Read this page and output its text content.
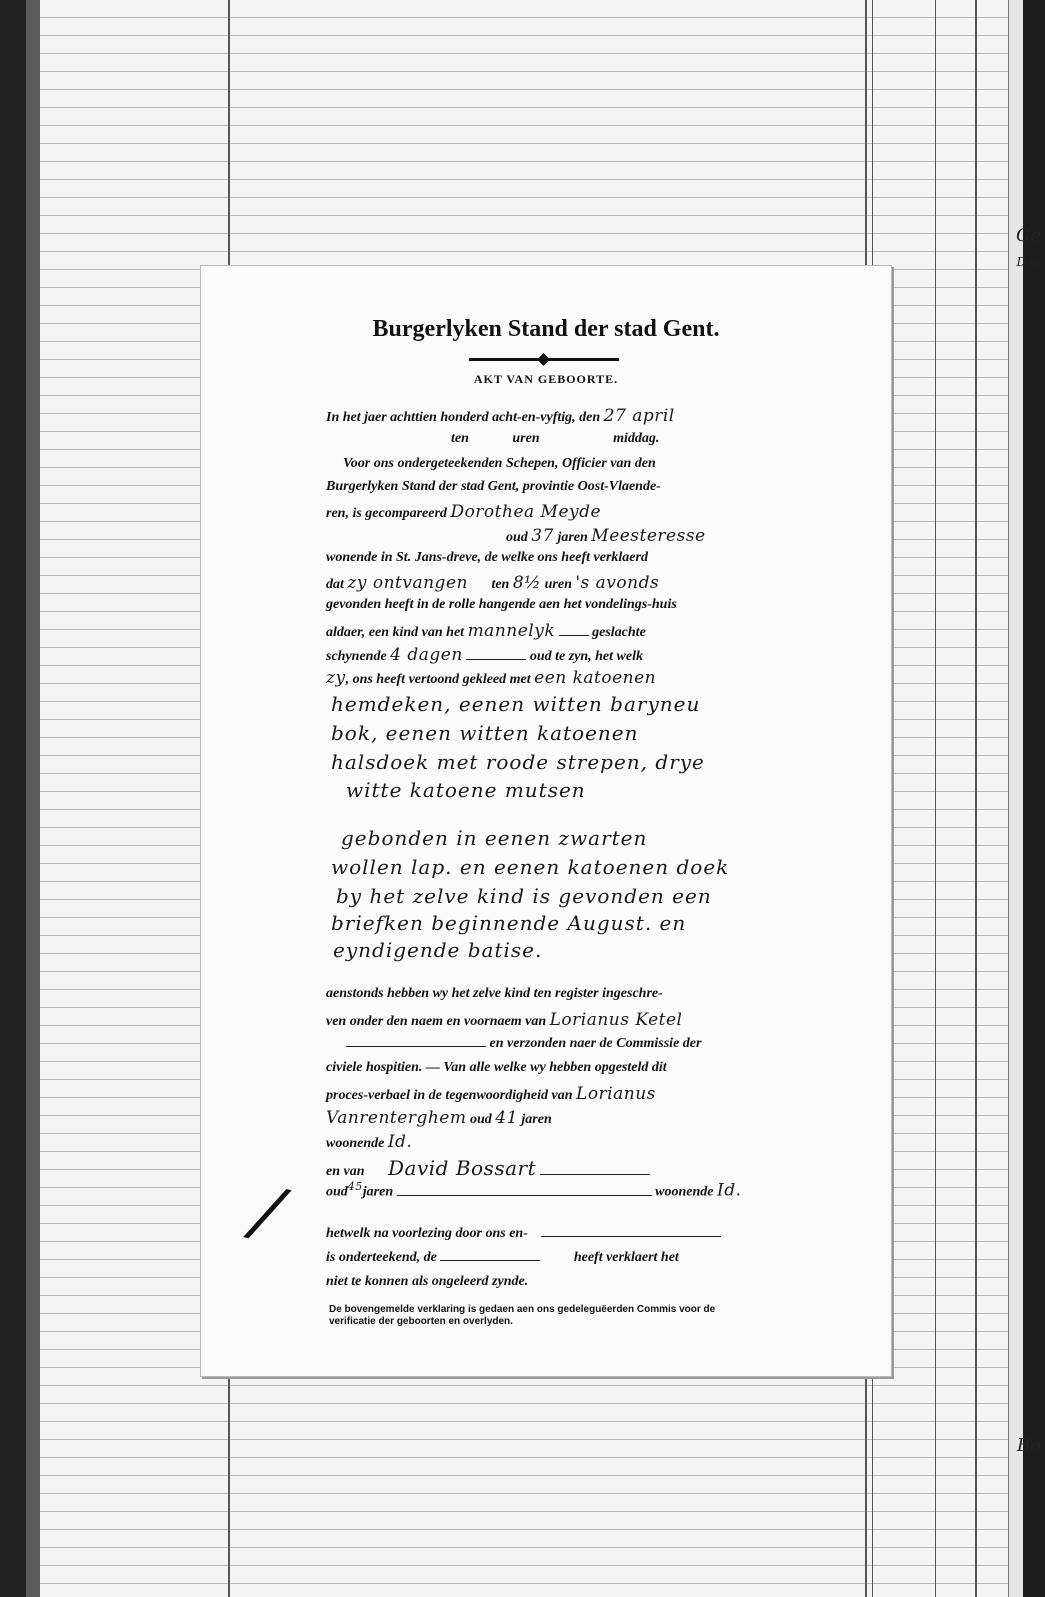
Ge
Den
Bo
Burgerlyken Stand der stad Gent.
AKT VAN GEBOORTE.
In het jaer achttien honderd acht-en-vyftig, den 27 april
ten	uren	middag.
Voor ons ondergeteekenden Schepen, Officier van den
Burgerlyken Stand der stad Gent, provintie Oost-Vlaende-
ren, is gecompareerd Dorothea Meyde
oud 37 jaren Meesteresse
wonende in St. Jans-dreve, de welke ons heeft verklaerd
dat zy ontvangen ten 8½ uren 's avonds
gevonden heeft in de rolle hangende aen het vondelings-huis
aldaer, een kind van het mannelyk	geslachte
schynende 4 dagen	oud te zyn, het welk
zy, ons heeft vertoond gekleed met een katoenen
hemdeken, eenen witten baryneu
bok, eenen witten katoenen
halsdoek met roode strepen, drye
witte katoene mutsen
gebonden in eenen zwarten
wollen lap. en eenen katoenen doek
by het zelve kind is gevonden een
briefken beginnende August. en
eyndigende batise.
aenstonds hebben wy het zelve kind ten register ingeschre-
ven onder den naem en voornaem van Lorianus Ketel
en verzonden naer de Commissie der
civiele hospitien. — Van alle welke wy hebben opgesteld dit
proces-verbael in de tegenwoordigheid van Lorianus
Vanrenterghem oud 41 jaren
woonende Id.
en van David Bossart
oud$^{45}$jaren	woonende Id.
hetwelk na voorlezing door ons en-
is onderteekend, de	heeft verklaert het
niet te konnen als ongeleerd zynde.
De bovengemelde verklaring is gedaen aen ons gedeleguëerden Commis voor de verificatie der geboorten en overlyden.
/
